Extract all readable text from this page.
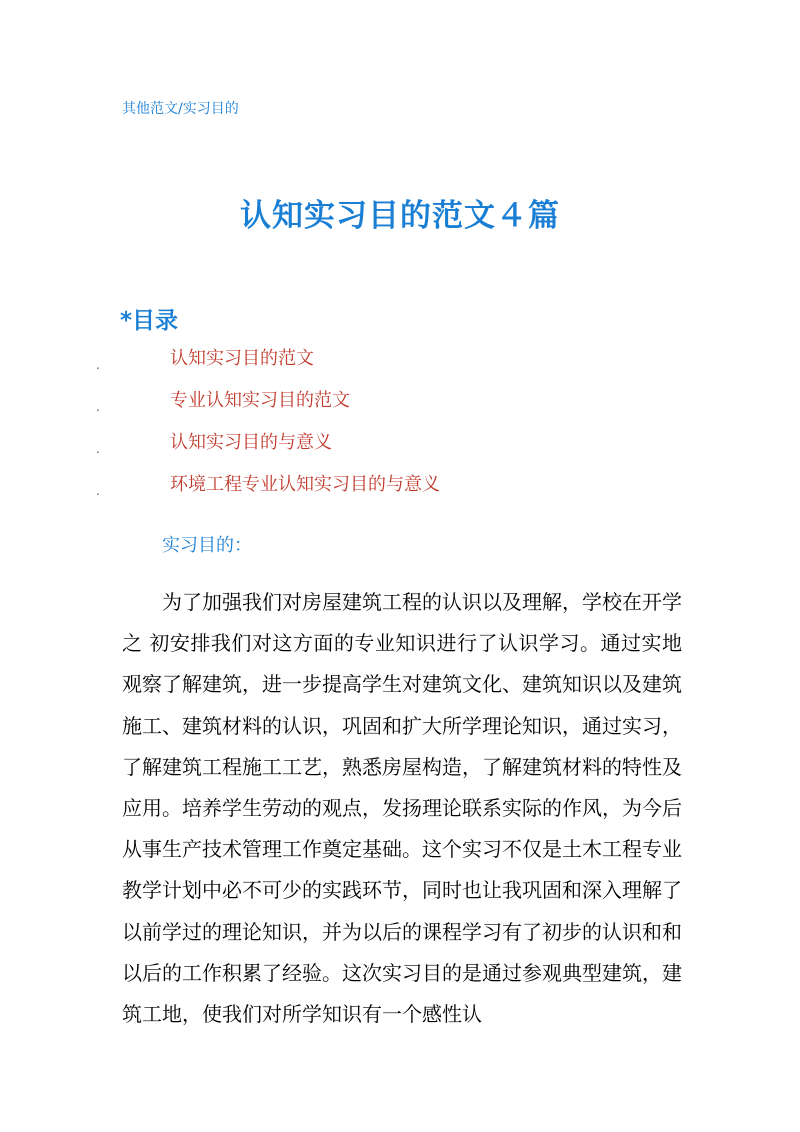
其他范文/实习目的
认知实习目的范文４篇
*目录
.	认知实习目的范文
.	专业认知实习目的范文
.	认知实习目的与意义
.	环境工程专业认知实习目的与意义
实习目的：

为了加强我们对房屋建筑工程的认识以及理解，学校在开学之 初安排我们对这方面的专业知识进行了认识学习。通过实地观察了解建筑，进一步提高学生对建筑文化、建筑知识以及建筑施工、建筑材料的认识，巩固和扩大所学理论知识，通过实习，了解建筑工程施工工艺，熟悉房屋构造，了解建筑材料的特性及应用。培养学生劳动的观点，发扬理论联系实际的作风，为今后从事生产技术管理工作奠定基础。这个实习不仅是土木工程专业教学计划中必不可少的实践环节，同时也让我巩固和深入理解了以前学过的理论知识，并为以后的课程学习有了初步的认识和和以后的工作积累了经验。这次实习目的是通过参观典型建筑，建筑工地，使我们对所学知识有一个感性认
